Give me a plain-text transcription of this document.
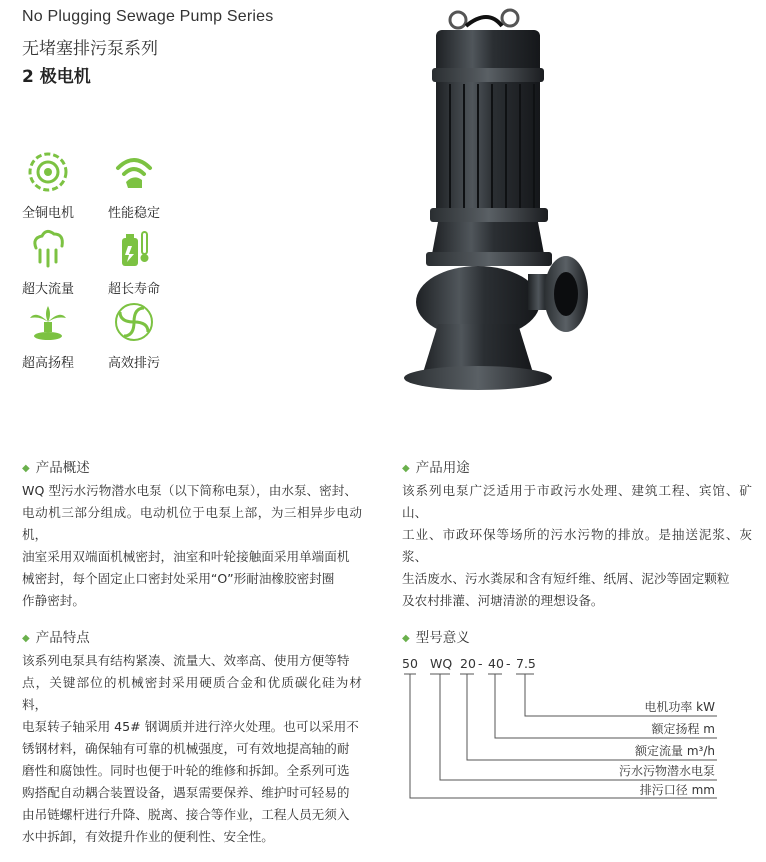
No Plugging Sewage Pump Series
无堵塞排污泵系列
2 极电机
全铜电机	性能稳定
超大流量	超长寿命
超高扬程	高效排污
◆ 产品概述
WQ 型污水污物潜水电泵（以下简称电泵），由水泵、密封、
电动机三部分组成。电动机位于电泵上部，为三相异步电动机，
油室采用双端面机械密封，油室和叶轮接触面采用单端面机
械密封，每个固定止口密封处采用“O”形耐油橡胶密封圈
作静密封。
◆ 产品用途
该系列电泵广泛适用于市政污水处理、建筑工程、宾馆、矿山、
工业、市政环保等场所的污水污物的排放。是抽送泥浆、灰浆、
生活废水、污水粪尿和含有短纤维、纸屑、泥沙等固定颗粒
及农村排灌、河塘清淤的理想设备。
◆ 产品特点
该系列电泵具有结构紧凑、流量大、效率高、使用方便等特
点，关键部位的机械密封采用硬质合金和优质碳化硅为材料，
电泵转子轴采用 45# 钢调质并进行淬火处理。也可以采用不
锈钢材料，确保轴有可靠的机械强度，可有效地提高轴的耐
磨性和腐蚀性。同时也便于叶轮的维修和拆卸。全系列可选
购搭配自动耦合装置设备，遇泵需要保养、维护时可轻易的
由吊链螺杆进行升降、脱离、接合等作业，工程人员无须入
水中拆卸，有效提升作业的便利性、安全性。
◆ 型号意义
50 WQ 20 - 40 - 7.5
电机功率 kW
额定扬程 m
额定流量 m³/h
污水污物潜水电泵
排污口径 mm
